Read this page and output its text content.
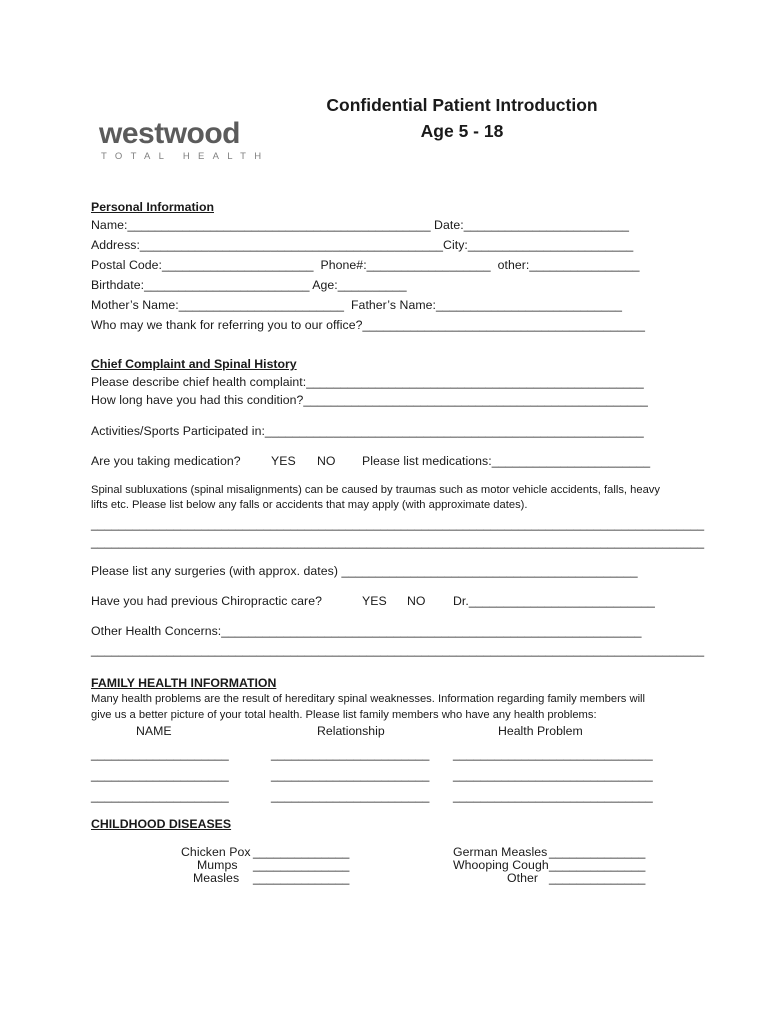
westwood
TOTAL HEALTH
Confidential Patient Introduction
Age 5 - 18
Personal Information
Name:____________________________________________ Date:________________________
Address:____________________________________________City:________________________
Postal Code:______________________  Phone#:__________________  other:________________
Birthdate:________________________ Age:__________
Mother’s Name:________________________  Father’s Name:___________________________
Who may we thank for referring you to our office?_________________________________________
Chief Complaint and Spinal History
Please describe chief health complaint:_________________________________________________
How long have you had this condition?__________________________________________________
Activities/Sports Participated in:_______________________________________________________
Are you taking medication? YES NO Please list medications:_______________________
Spinal subluxations (spinal misalignments) can be caused by traumas such as motor vehicle accidents, falls, heavy
lifts etc. Please list below any falls or accidents that may apply (with approximate dates).
_________________________________________________________________________________________
_________________________________________________________________________________________
Please list any surgeries (with approx. dates) ___________________________________________
Have you had previous Chiropractic care?	YES NO Dr.___________________________
Other Health Concerns:_____________________________________________________________
_________________________________________________________________________________________
FAMILY HEALTH INFORMATION
Many health problems are the result of hereditary spinal weaknesses. Information regarding family members will
give us a better picture of your total health. Please list family members who have any health problems:
NAME	Relationship	Health Problem
____________________	_______________________ _____________________________
____________________	_______________________ _____________________________
____________________	_______________________ _____________________________
CHILDHOOD DISEASES
Chicken Pox ______________
Mumps ______________
Measles ______________
German Measles ______________
Whooping Cough ______________
Other ______________
